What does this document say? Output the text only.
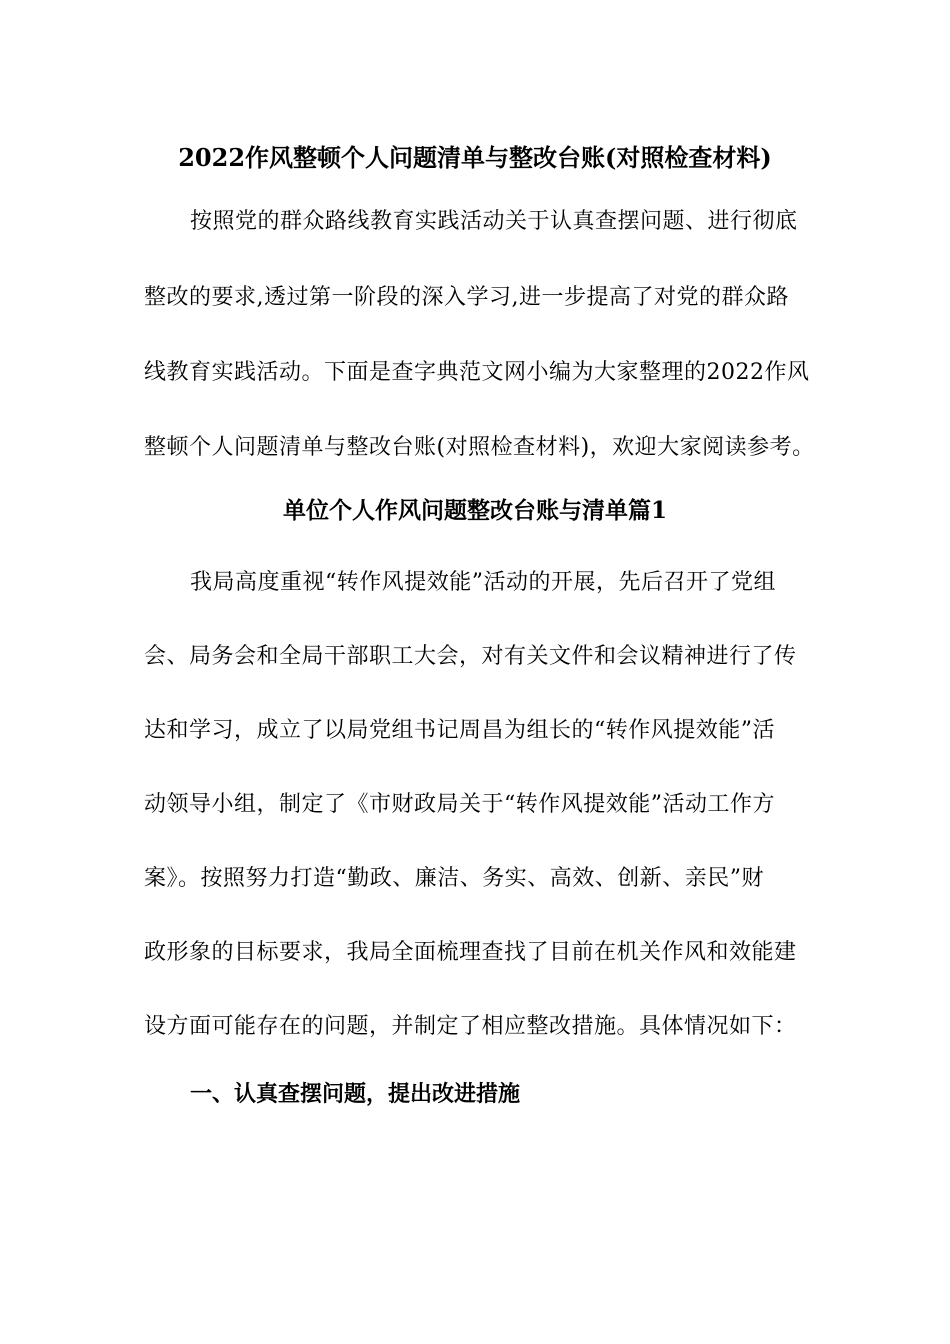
2022作风整顿个人问题清单与整改台账(对照检查材料)
按照党的群众路线教育实践活动关于认真查摆问题、进行彻底
整改的要求,透过第一阶段的深入学习,进一步提高了对党的群众路
线教育实践活动。下面是查字典范文网小编为大家整理的2022作风
整顿个人问题清单与整改台账(对照检查材料)，欢迎大家阅读参考。
单位个人作风问题整改台账与清单篇1
我局高度重视“转作风提效能”活动的开展，先后召开了党组
会、局务会和全局干部职工大会，对有关文件和会议精神进行了传
达和学习，成立了以局党组书记周昌为组长的“转作风提效能”活
动领导小组，制定了《市财政局关于“转作风提效能”活动工作方
案》。按照努力打造“勤政、廉洁、务实、高效、创新、亲民”财
政形象的目标要求，我局全面梳理查找了目前在机关作风和效能建
设方面可能存在的问题，并制定了相应整改措施。具体情况如下：
一、认真查摆问题，提出改进措施
